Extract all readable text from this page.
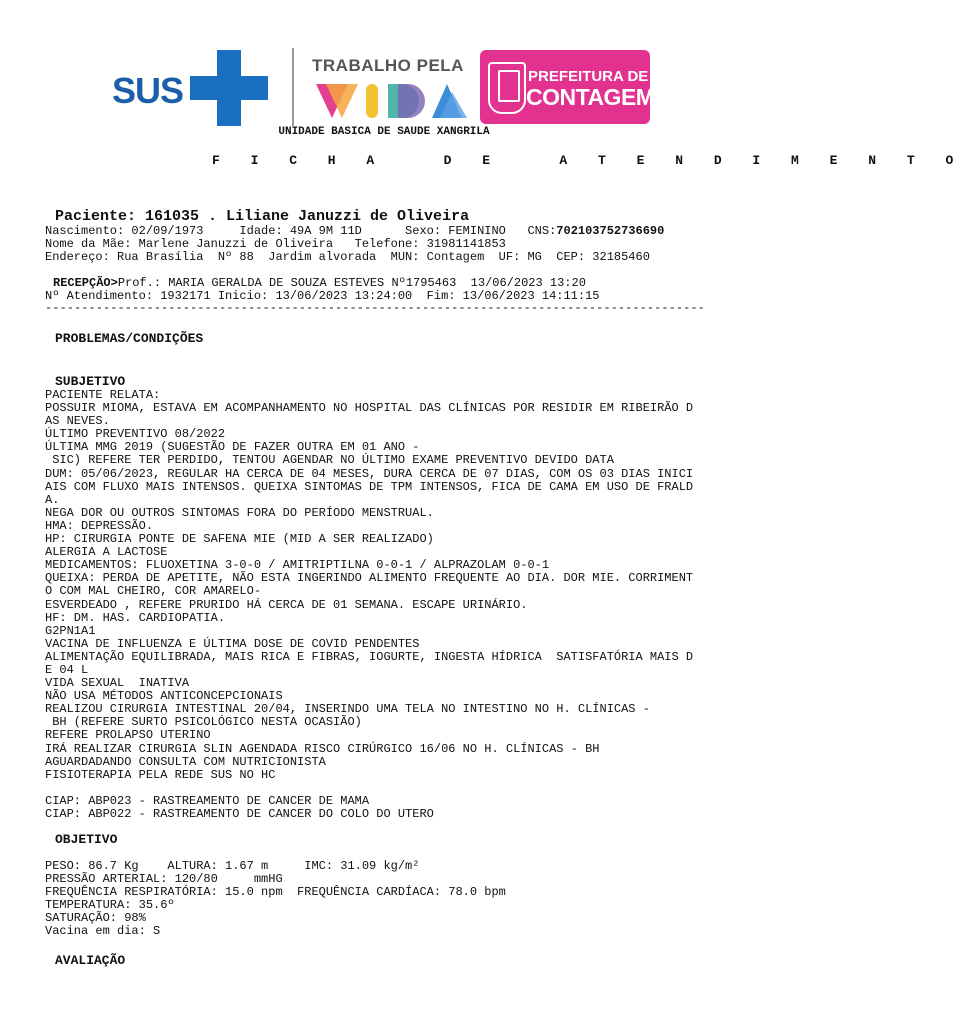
SUS
TRABALHO PELA
PREFEITURA DE
CONTAGEM
UNIDADE BASICA DE SAUDE XANGRILA
F I C H A   D E   A T E N D I M E N T O
Paciente: 161035 . Liliane Januzzi de Oliveira
Nascimento: 02/09/1973     Idade: 49A 9M 11D      Sexo: FEMININO   CNS:702103752736690
Nome da Mãe: Marlene Januzzi de Oliveira   Telefone: 31981141853
Endereço: Rua Brasília  Nº 88  Jardim alvorada  MUN: Contagem  UF: MG  CEP: 32185460
RECEPÇÃO>Prof.: MARIA GERALDA DE SOUZA ESTEVES Nº1795463  13/06/2023 13:20
Nº Atendimento: 1932171 Inicio: 13/06/2023 13:24:00  Fim: 13/06/2023 14:11:15
-------------------------------------------------------------------------------------------
PROBLEMAS/CONDIÇÕES
SUBJETIVO
PACIENTE RELATA:
POSSUIR MIOMA, ESTAVA EM ACOMPANHAMENTO NO HOSPITAL DAS CLÍNICAS POR RESIDIR EM RIBEIRÃO D
AS NEVES.
ÚLTIMO PREVENTIVO 08/2022
ÚLTIMA MMG 2019 (SUGESTÃO DE FAZER OUTRA EM 01 ANO -
SIC) REFERE TER PERDIDO, TENTOU AGENDAR NO ÚLTIMO EXAME PREVENTIVO DEVIDO DATA
DUM: 05/06/2023, REGULAR HA CERCA DE 04 MESES, DURA CERCA DE 07 DIAS, COM OS 03 DIAS INICI
AIS COM FLUXO MAIS INTENSOS. QUEIXA SINTOMAS DE TPM INTENSOS, FICA DE CAMA EM USO DE FRALD
A.
NEGA DOR OU OUTROS SINTOMAS FORA DO PERÍODO MENSTRUAL.
HMA: DEPRESSÃO.
HP: CIRURGIA PONTE DE SAFENA MIE (MID A SER REALIZADO)
ALERGIA A LACTOSE
MEDICAMENTOS: FLUOXETINA 3-0-0 / AMITRIPTILNA 0-0-1 / ALPRAZOLAM 0-0-1
QUEIXA: PERDA DE APETITE, NÃO ESTA INGERINDO ALIMENTO FREQUENTE AO DIA. DOR MIE. CORRIMENT
O COM MAL CHEIRO, COR AMARELO-
ESVERDEADO , REFERE PRURIDO HÁ CERCA DE 01 SEMANA. ESCAPE URINÁRIO.
HF: DM. HAS. CARDIOPATIA.
G2PN1A1
VACINA DE INFLUENZA E ÚLTIMA DOSE DE COVID PENDENTES
ALIMENTAÇÃO EQUILIBRADA, MAIS RICA E FIBRAS, IOGURTE, INGESTA HÍDRICA  SATISFATÓRIA MAIS D
E 04 L
VIDA SEXUAL  INATIVA
NÃO USA MÉTODOS ANTICONCEPCIONAIS
REALIZOU CIRURGIA INTESTINAL 20/04, INSERINDO UMA TELA NO INTESTINO NO H. CLÍNICAS -
BH (REFERE SURTO PSICOLÓGICO NESTA OCASIÃO)
REFERE PROLAPSO UTERINO
IRÁ REALIZAR CIRURGIA SLIN AGENDADA RISCO CIRÚRGICO 16/06 NO H. CLÍNICAS - BH
AGUARDADANDO CONSULTA COM NUTRICIONISTA
FISIOTERAPIA PELA REDE SUS NO HC
CIAP: ABP023 - RASTREAMENTO DE CANCER DE MAMA
CIAP: ABP022 - RASTREAMENTO DE CANCER DO COLO DO UTERO
OBJETIVO
PESO: 86.7 Kg    ALTURA: 1.67 m     IMC: 31.09 kg/m²
PRESSÃO ARTERIAL: 120/80     mmHG
FREQUÊNCIA RESPIRATÓRIA: 15.0 npm  FREQUÊNCIA CARDÍACA: 78.0 bpm
TEMPERATURA: 35.6º
SATURAÇÃO: 98%
Vacina em dia: S
AVALIAÇÃO
